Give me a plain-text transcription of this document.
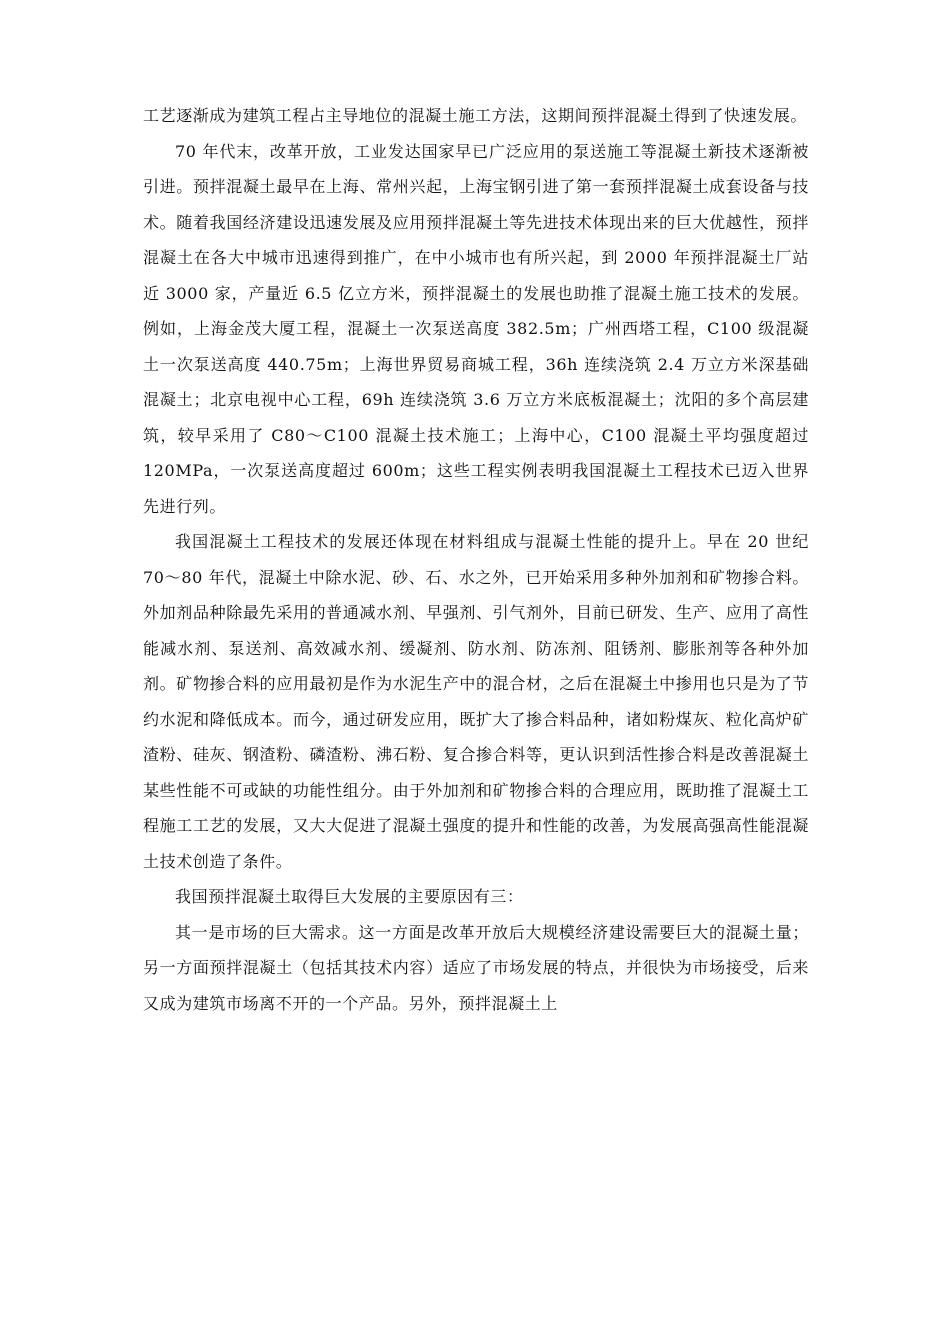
工艺逐渐成为建筑工程占主导地位的混凝土施工方法，这期间预拌混凝土得到了快速发展。

70 年代末，改革开放，工业发达国家早已广泛应用的泵送施工等混凝土新技术逐渐被引进。预拌混凝土最早在上海、常州兴起，上海宝钢引进了第一套预拌混凝土成套设备与技术。随着我国经济建设迅速发展及应用预拌混凝土等先进技术体现出来的巨大优越性，预拌混凝土在各大中城市迅速得到推广，在中小城市也有所兴起，到 2000 年预拌混凝土厂站近 3000 家，产量近 6.5 亿立方米，预拌混凝土的发展也助推了混凝土施工技术的发展。例如，上海金茂大厦工程，混凝土一次泵送高度 382.5m；广州西塔工程，C100 级混凝土一次泵送高度 440.75m；上海世界贸易商城工程，36h 连续浇筑 2.4 万立方米深基础混凝土；北京电视中心工程，69h 连续浇筑 3.6 万立方米底板混凝土；沈阳的多个高层建筑，较早采用了 C80～C100 混凝土技术施工；上海中心，C100 混凝土平均强度超过 120MPa，一次泵送高度超过 600m；这些工程实例表明我国混凝土工程技术已迈入世界先进行列。

我国混凝土工程技术的发展还体现在材料组成与混凝土性能的提升上。早在 20 世纪 70～80 年代，混凝土中除水泥、砂、石、水之外，已开始采用多种外加剂和矿物掺合料。外加剂品种除最先采用的普通减水剂、早强剂、引气剂外，目前已研发、生产、应用了高性能减水剂、泵送剂、高效减水剂、缓凝剂、防水剂、防冻剂、阻锈剂、膨胀剂等各种外加剂。矿物掺合料的应用最初是作为水泥生产中的混合材，之后在混凝土中掺用也只是为了节约水泥和降低成本。而今，通过研发应用，既扩大了掺合料品种，诸如粉煤灰、粒化高炉矿渣粉、硅灰、钢渣粉、磷渣粉、沸石粉、复合掺合料等，更认识到活性掺合料是改善混凝土某些性能不可或缺的功能性组分。由于外加剂和矿物掺合料的合理应用，既助推了混凝土工程施工工艺的发展，又大大促进了混凝土强度的提升和性能的改善，为发展高强高性能混凝土技术创造了条件。

我国预拌混凝土取得巨大发展的主要原因有三：

其一是市场的巨大需求。这一方面是改革开放后大规模经济建设需要巨大的混凝土量；另一方面预拌混凝土（包括其技术内容）适应了市场发展的特点，并很快为市场接受，后来又成为建筑市场离不开的一个产品。另外，预拌混凝土上
